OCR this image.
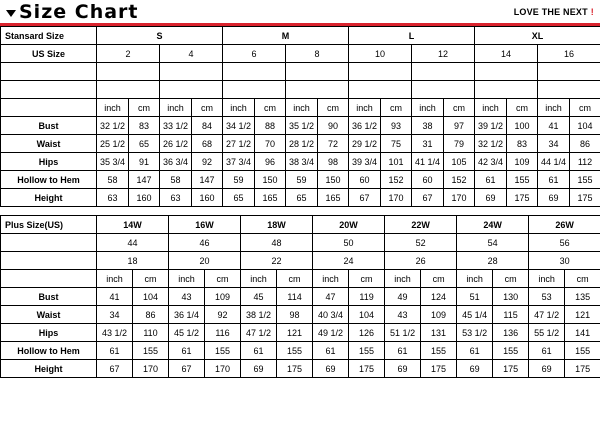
Size Chart	LOVE THE NEXT !
Stansard Size	S				M				L				XL			
US Size	2		4		6		8		10		12		14		16	

	inch	cm	inch	cm	inch	cm	inch	cm	inch	cm	inch	cm	inch	cm	inch	cm
Bust	32 1/2	83	33 1/2	84	34 1/2	88	35 1/2	90	36 1/2	93	38	97	39 1/2	100	41	104
Waist	25 1/2	65	26 1/2	68	27 1/2	70	28 1/2	72	29 1/2	75	31	79	32 1/2	83	34	86
Hips	35 3/4	91	36 3/4	92	37 3/4	96	38 3/4	98	39 3/4	101	41 1/4	105	42 3/4	109	44 1/4	112
Hollow to Hem	58	147	58	147	59	150	59	150	60	152	60	152	61	155	61	155
Height	63	160	63	160	65	165	65	165	67	170	67	170	69	175	69	175
Plus Size(US)	14W		16W		18W		20W		22W		24W		26W	
	44		46		48		50		52		54		56	
	18		20		22		24		26		28		30	
	inch	cm	inch	cm	inch	cm	inch	cm	inch	cm	inch	cm	inch	cm
Bust	41	104	43	109	45	114	47	119	49	124	51	130	53	135
Waist	34	86	36 1/4	92	38 1/2	98	40 3/4	104	43	109	45 1/4	115	47 1/2	121
Hips	43 1/2	110	45 1/2	116	47 1/2	121	49 1/2	126	51 1/2	131	53 1/2	136	55 1/2	141
Hollow to Hem	61	155	61	155	61	155	61	155	61	155	61	155	61	155
Height	67	170	67	170	69	175	69	175	69	175	69	175	69	175
